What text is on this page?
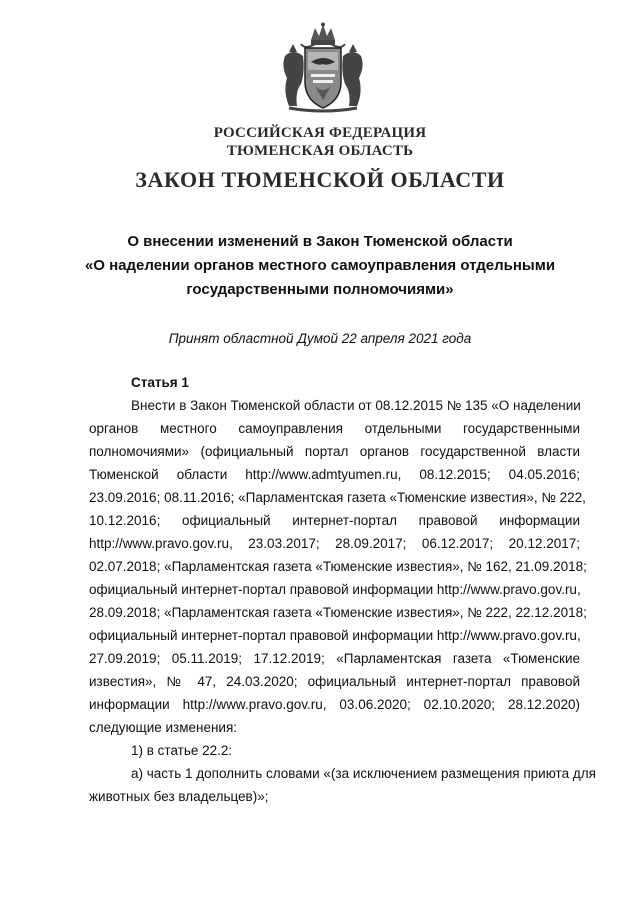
РОССИЙСКАЯ ФЕДЕРАЦИЯ
ТЮМЕНСКАЯ ОБЛАСТЬ
ЗАКОН ТЮМЕНСКОЙ ОБЛАСТИ
О внесении изменений в Закон Тюменской области
«О наделении органов местного самоуправления отдельными
государственными полномочиями»
Принят областной Думой 22 апреля 2021 года
Статья 1
Внести в Закон Тюменской области от 08.12.2015 № 135 «О наделении
органов местного самоуправления отдельными государственными
полномочиями» (официальный портал органов государственной власти
Тюменской области http://www.admtyumen.ru, 08.12.2015; 04.05.2016;
23.09.2016; 08.11.2016; «Парламентская газета «Тюменские известия», № 222,
10.12.2016; официальный интернет-портал правовой информации
http://www.pravo.gov.ru, 23.03.2017; 28.09.2017; 06.12.2017; 20.12.2017;
02.07.2018; «Парламентская газета «Тюменские известия», № 162, 21.09.2018;
официальный интернет-портал правовой информации http://www.pravo.gov.ru,
28.09.2018; «Парламентская газета «Тюменские известия», № 222, 22.12.2018;
официальный интернет-портал правовой информации http://www.pravo.gov.ru,
27.09.2019; 05.11.2019; 17.12.2019; «Парламентская газета «Тюменские
известия», № 47, 24.03.2020; официальный интернет-портал правовой
информации http://www.pravo.gov.ru, 03.06.2020; 02.10.2020; 28.12.2020)
следующие изменения:
1) в статье 22.2:
а) часть 1 дополнить словами «(за исключением размещения приюта для
животных без владельцев)»;
